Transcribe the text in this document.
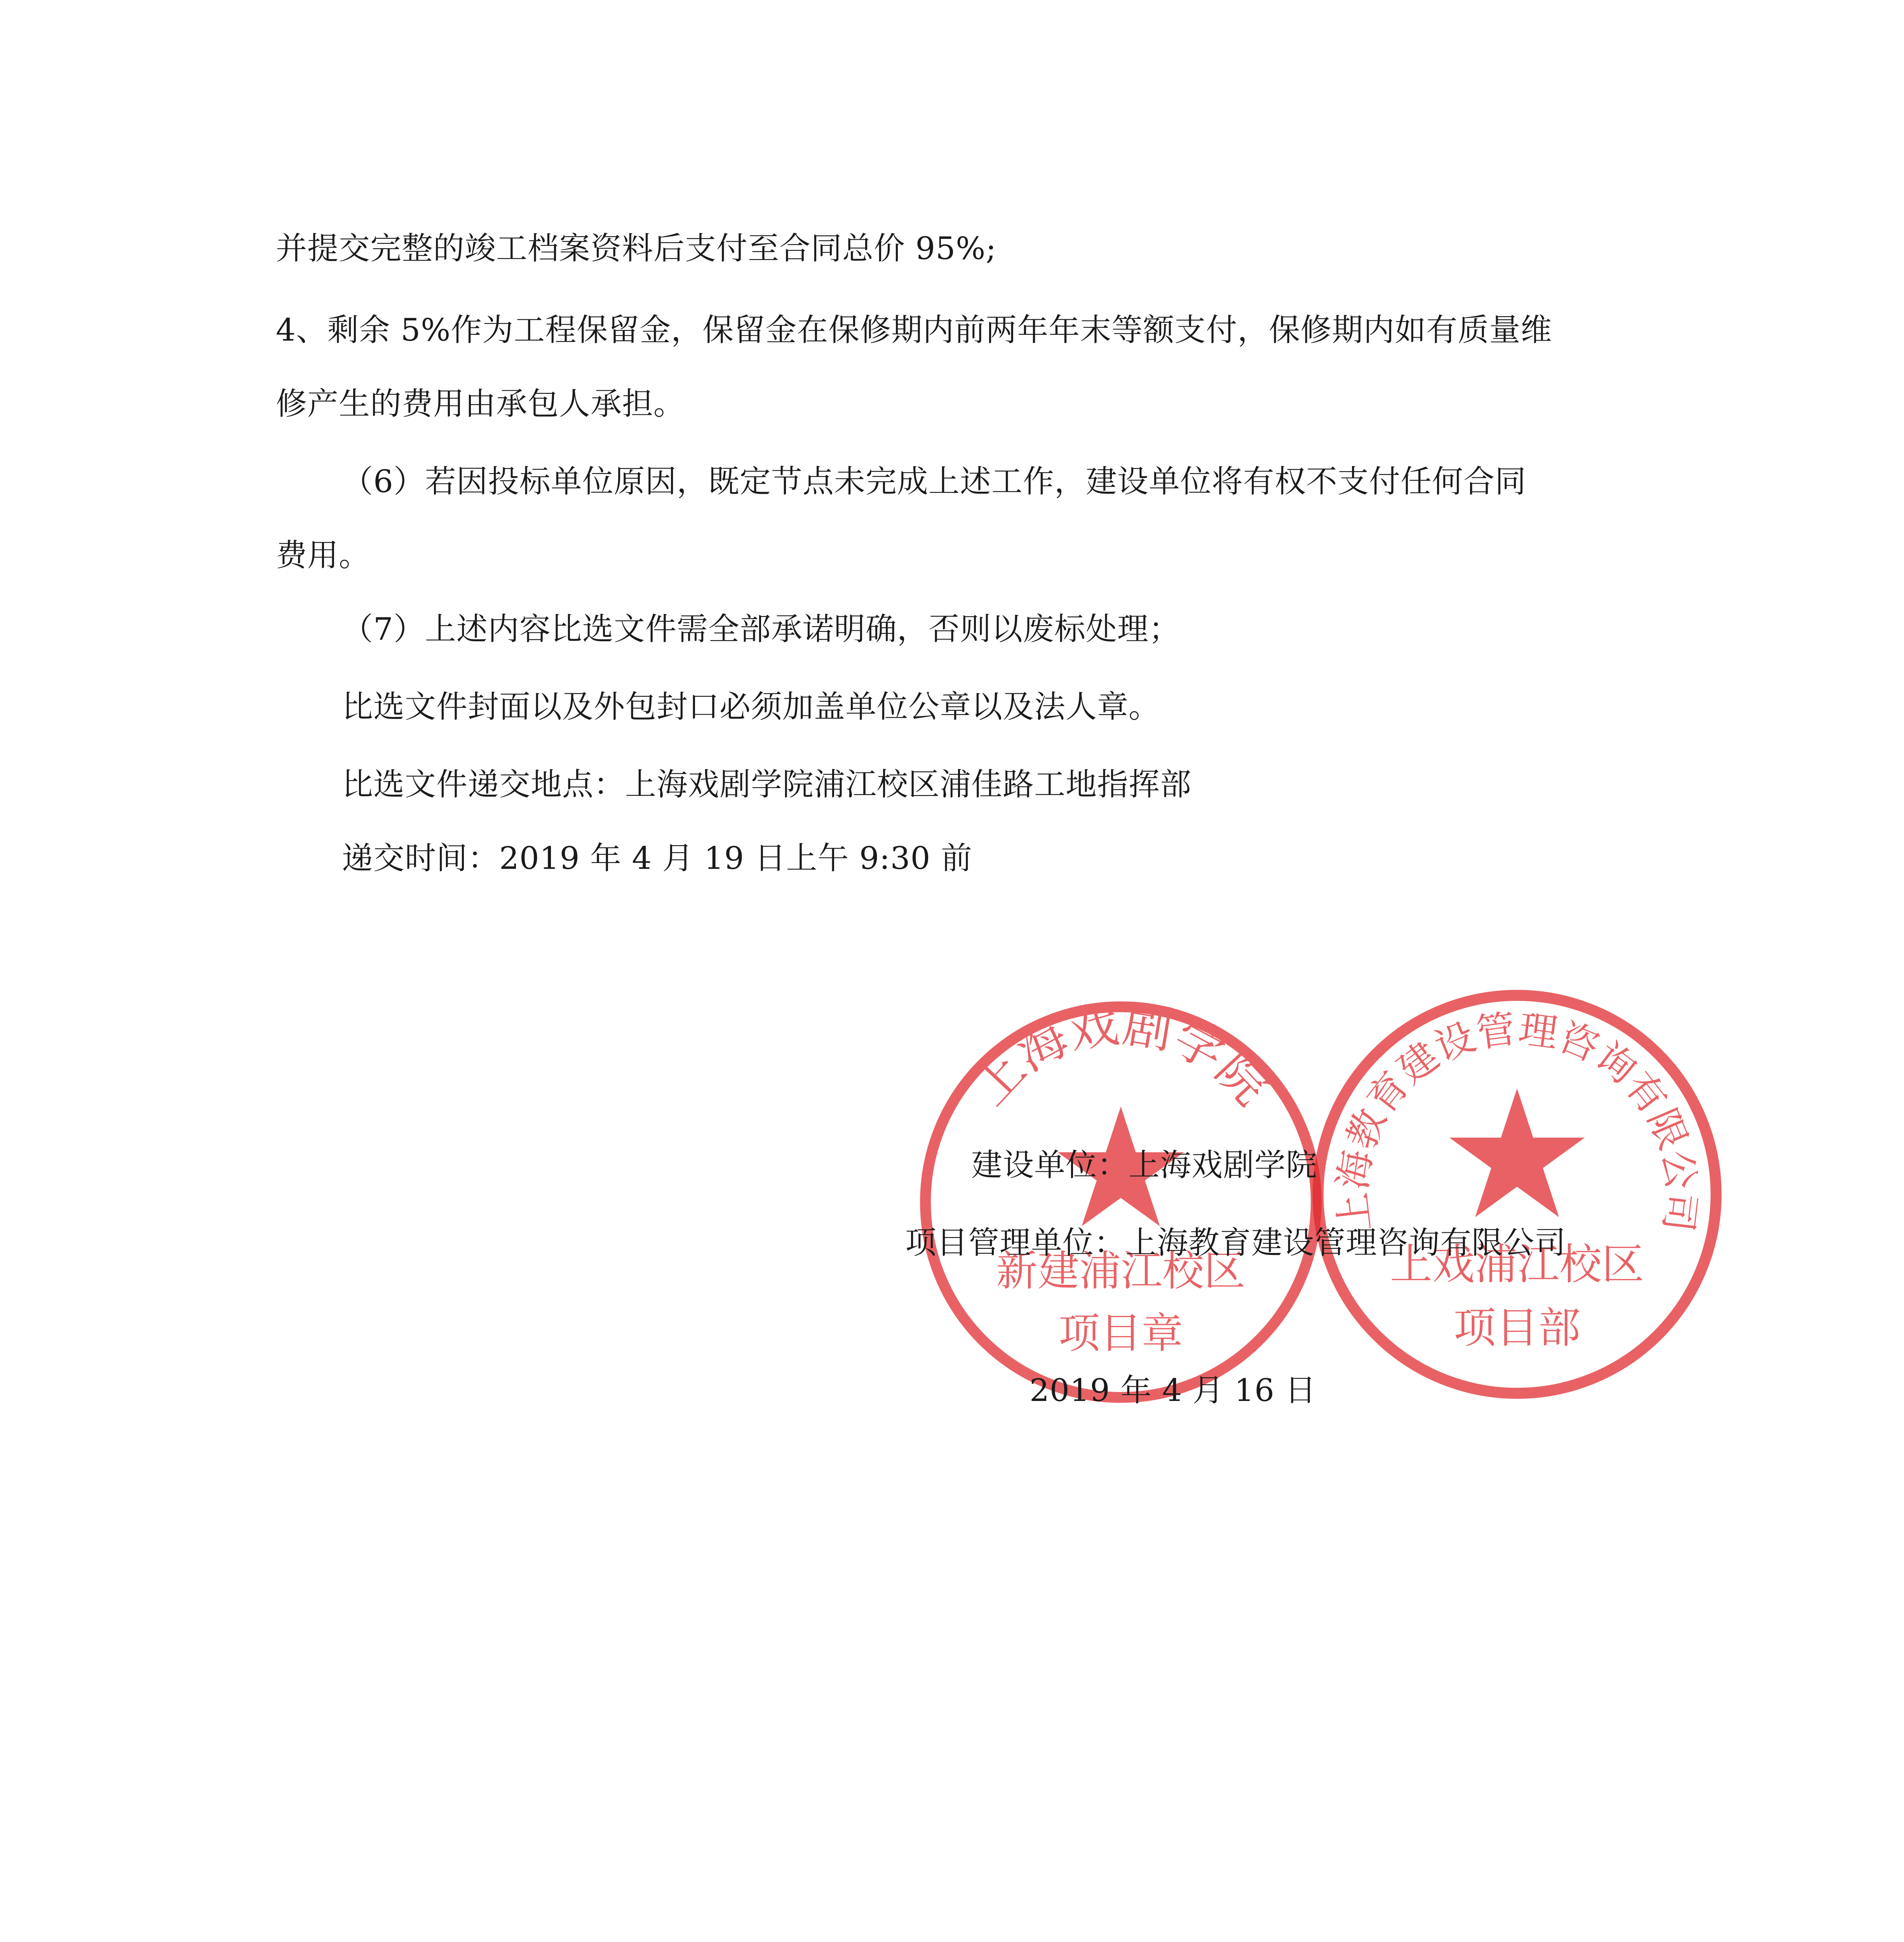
并提交完整的竣工档案资料后支付至合同总价 95%;
4、剩余 5%作为工程保留金，保留金在保修期内前两年年末等额支付，保修期内如有质量维
修产生的费用由承包人承担。
（6）若因投标单位原因，既定节点未完成上述工作，建设单位将有权不支付任何合同
费用。
（7）上述内容比选文件需全部承诺明确，否则以废标处理；
比选文件封面以及外包封口必须加盖单位公章以及法人章。
比选文件递交地点：上海戏剧学院浦江校区浦佳路工地指挥部
递交时间：2019 年 4 月 19 日上午 9:30 前
上海戏剧学院
新建浦江校区
项目章
上海教育建设管理咨询有限公司
上戏浦江校区
项目部
建设单位：上海戏剧学院
项目管理单位：上海教育建设管理咨询有限公司
2019 年 4 月 16 日
